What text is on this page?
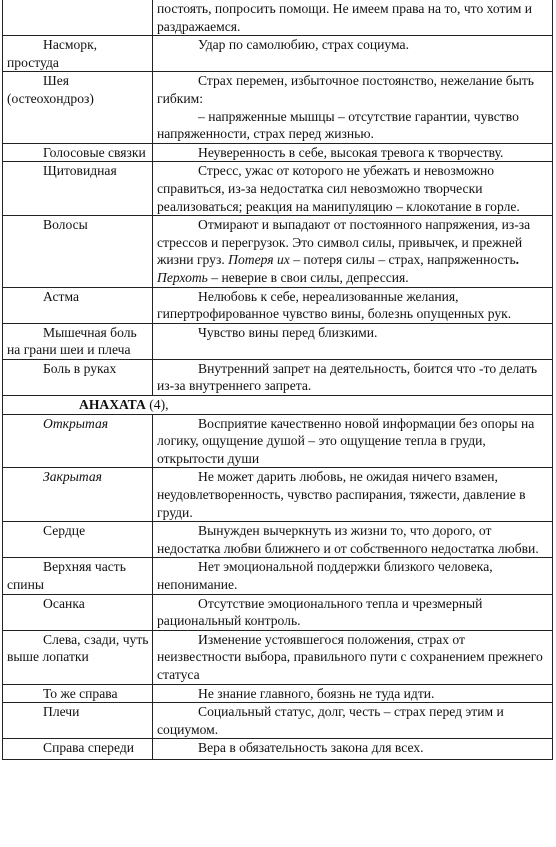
	постоять, попросить помощи. Не имеем права на то, что хотим и раздражаемся.
Насморк, простуда	Удар по самолюбию, страх социума.
Шея (остеохондроз)	Страх перемен, избыточное постоянство, нежелание быть гибким:
– напряженные мышцы – отсутствие гарантии, чувство напряженности, страх перед жизнью.

Голосовые связки	Неуверенность в себе, высокая тревога к творчеству.
Щитовидная	Стресс, ужас от которого не убежать и невозможно справиться, из-за недостатка сил невозможно творчески реализоваться; реакция на манипуляцию – клокотание в горле.
Волосы	Отмирают и выпадают от постоянного напряжения, из-за стрессов и перегрузок. Это символ силы, привычек, и прежней жизни груз. Потеря их – потеря силы – страх, напряженность. Перхоть – неверие в свои силы, депрессия.
Астма	Нелюбовь к себе, нереализованные желания, гипертрофированное чувство вины, болезнь опущенных рук.
Мышечная боль на грани шеи и плеча	Чувство вины перед близкими.
Боль в руках	Внутренний запрет на деятельность, боится что -то делать из-за внутреннего запрета.
АНАХАТА (4),	
Открытая	Восприятие качественно новой информации без опоры на логику, ощущение душой – это ощущение тепла в груди, открытости души
Закрытая	Не может дарить любовь, не ожидая ничего взамен, неудовлетворенность, чувство распирания, тяжести, давление в груди.
Сердце	Вынужден вычеркнуть из жизни то, что дорого, от недостатка любви ближнего и от собственного недостатка любви.
Верхняя часть спины	Нет эмоциональной поддержки близкого человека, непонимание.
Осанка	Отсутствие эмоционального тепла и чрезмерный рациональный контроль.
Слева, сзади, чуть выше лопатки	Изменение устоявшегося положения, страх от неизвестности выбора, правильного пути с сохранением прежнего статуса
То же справа	Не знание главного, боязнь не туда идти.
Плечи	Социальный статус, долг, честь – страх перед этим и социумом.
Справа спереди	Вера в обязательность закона для всех.
